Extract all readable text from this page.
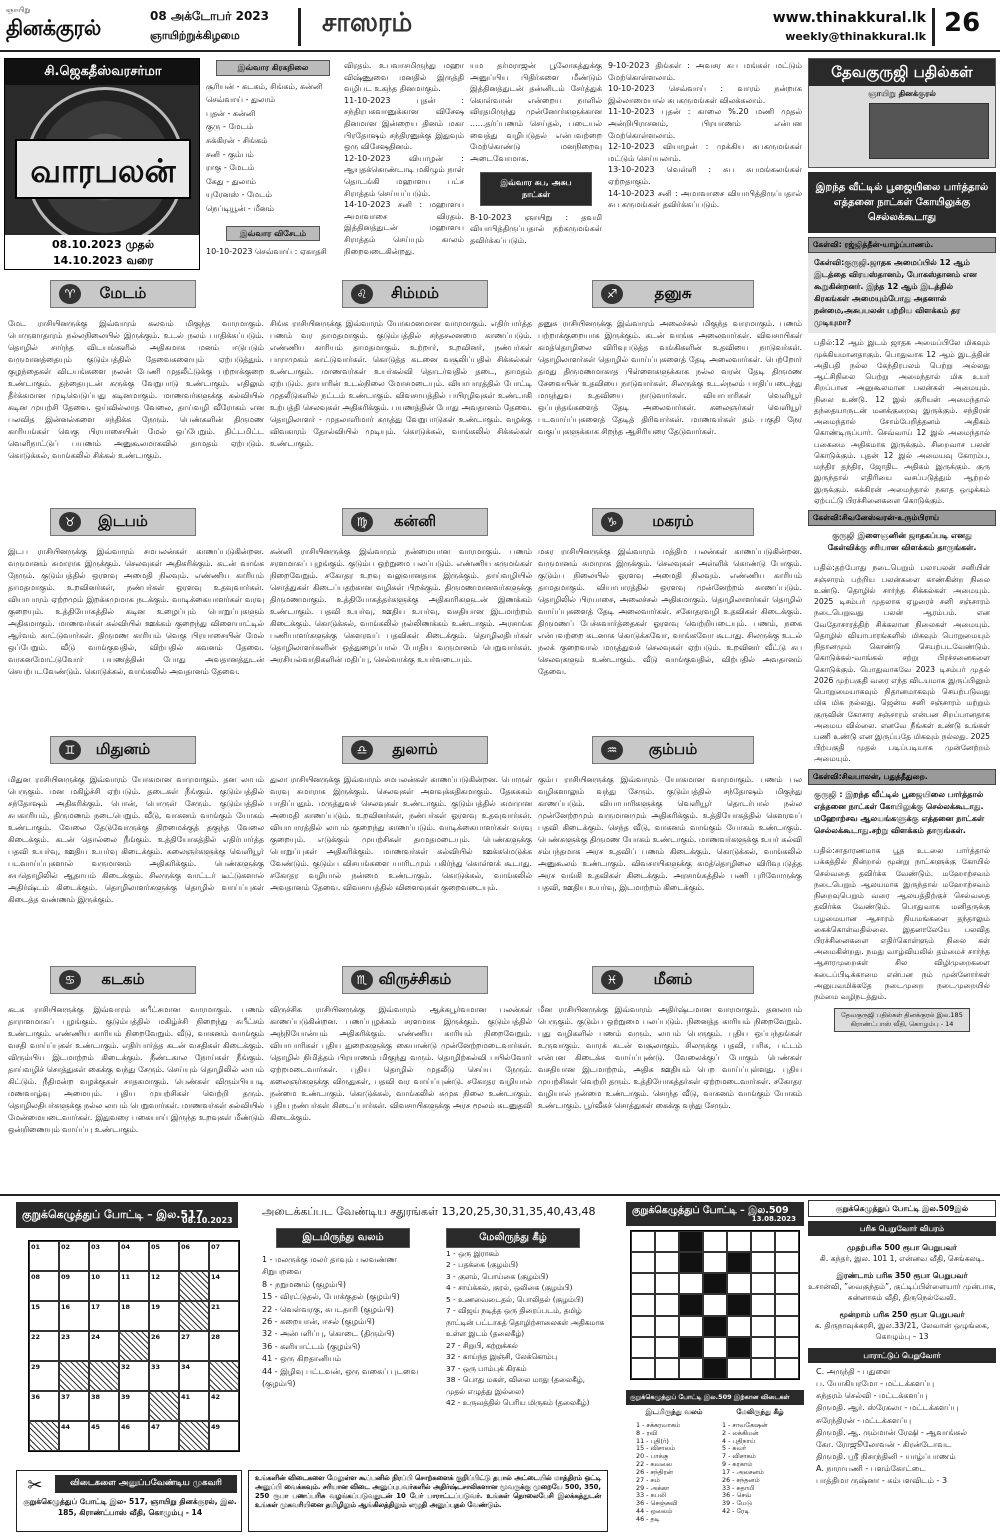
ஞாயிறு
தினக்குரல்	08 அக்டோபர் 2023
ஞாயிற்றுக்கிழமை	சாஸரம்	www.thinakkural.lk
weekly@thinakkural.lk 26
சி.ஜெகதீஸ்வரசர்மா
வாரபலன்
08.10.2023 முதல்
14.10.2023 வரை
இவ்வார கிரகநிலை
சூரியன் - கடகம், சிங்கம், கன்னி
செவ்வாய் - துலாம்
புதன் - கன்னி
குரு - மேடம்
சுக்கிரன் - சிங்கம்
சனி - கும்பம்
ராகு - மேடம்
கேது - துலாம்
யுரேனஸ் - மேடம்
நெப்டியூன் - மீனம்
இவ்வார விசேடம்
10-10-2023 செவ்வாய் : ஏகாதசி
விரதம். உபவாசமிருந்து மஹா விஷ்ணுவை மனதில் இருத்தி வழிபட உகந்த தினமாகும்.
11-10-2023 புதன் : சந்திரபகவானுக்கான விசேஷ தினமான இன்றைய தினம் மகா பிரதோஷம் சந்திரனுக்கு இதுவும் ஒரு விசேஷதினம்.
12-10-2023 வியாழன் : ஆயுதக்கொண்டாடி மகிழும் நாள் தொடங்கி மஹாளய பட்ச சிராத்தம் செய்யப்படும்.
14-10-2023 சனி : மஹாளய அமாவாசை விரதம். இத்தினத்துடன் மஹாளய சிராத்தம் செய்யும் காலம் நிறைவடைகின்றது.
யம தர்மராஜன் பூலோகத்துக்கு அனுப்பிய பிதிர்களை மீண்டும் இத்தினத்துடன் தன்னிடம் சேர்த்துக் கொள்வான் என்றைய நாளில் விரதமிருந்து முன்னோர்களுக்கான ......தர்ப்பணம் செய்தல், படையல் வைத்து வழிபடுதல் என்பவற்றை மேற்கொண்டு மனநிறைவு அடைவோமாக.
இவ்வார சுப, அசுப நாட்கள்
8-10-2023 ஞாயிறு : தவமி வியாபித்திருப்பதால் நற்கருமங்கள் தவிர்க்கப்படும்.
9-10-2023 திங்கள் : அவசர சுப மங்கள் மட்டும் மேற்கொள்ளலாம்.
10-10-2023 செவ்வாய் : வாரம் நன்றாக இல்லாமையால் சுபகருமங்கள் விலக்கலாம்.
11-10-2023 புதன் : காலை %.20 மணி முதல் அன்றிபிராசனம், பிரயாணம் என்பன மேற்கொள்ளலாம்.
12-10-2023 வியாழன் : முக்கிய சுபகருமங்கள் மட்டும் செய்யலாம்.
13-10-2023 வெள்ளி : சுப சுபமங்கலங்கள் ஏற்றதாகும்.
14-10-2023 சனி : அமாவாசை வியாபித்திருப்பதால் சுப கருமங்கள் தவிர்க்கப்படும்.
♈	மேடம்
மேட ராசியினருக்கு இவ்வாரம் கலவம் மிகுந்த வாரமாகும். பொருளாதாரம் நல்லநிலையில் இருக்கும். உடல் நலம் பாதிக்கப்படும். தொழில் சார்ந்த விடயங்களில் அதிகமாக மனம் ஈடுபடும் வருமானத்தையும் குடும்பத்தில் தேவைகளையும் ஏற்படுத்தும். குழந்தைகள் விடயங்களை நலன் பேணி முதலீட்டுக்கு பற்றாக்குறை உண்டாகும். தந்தையுடன் சுருக்கு வேறுபாடு உண்டாகும். எதிலும் தீர்க்கமான முடிவெடுப்பது கடினமாகும். மாணவர்களுக்கு கல்வியில் கடின முயற்சி தேவை. ஒய்வில்லாத வேலை, தாய்வழி வீரோகம் என பலவித இன்னல்களை சந்திக்க நேரும். பெண்களின் திருமண காரியங்கள் வெகு பிரயாசையின் மேல் ஒப்பேறும். திட்டமிட்ட வெளிநாட்டுப் பயணம் அனுகூலமாகவில் தாமதம் ஏற்படும். கொடுக்கல், வாங்கலில் சிக்கல் உண்டாகும்.
♌	சிம்மம்
சிங்க ராசியினருக்கு இவ்வாரம் யோகமனமான வாரமாகும். எதிர்பார்த்த பணம் வர தாமதமாகும். குடும்பத்தில் சந்தசலனமை காணப்படும். எண்ணிய காரியம் தாமதமாகும். உற்றார், உறவினர், நண்பர்கள் பாராமுகம் காட்டுவார்கள். கொடுத்த கடனை வசூலிப்பதில் சிக்கல்கள் உண்டாகும். மாணவர்கள் உயர்கல்வி தொடர்வதில் தடை, தாமதம் ஏற்படும். தாயாரின் உடல்நிலை மோசமடையும். வியாபாரத்தில் போட்டி முதலீடுகளில் நட்டம் உண்டாகும். விவசாயத்தில் பயிரழிவுகள் உண்டாகி உற்பத்தி செலவுகள் அதிகரிக்கும். பயணத்தின் போது அவதானம் தேவை. தொழிலாளர் - முதலாளிமார் கருத்து வேறுபாடுகள் உண்டாகும். வழக்கு விவகாரம் தோல்வியில் முடியும். கொடுக்கல், வாங்கலில் சிக்கல்கள் உண்டாகும்.
♐	தனுசு
தனுசு ராசியினருக்கு இவ்வாரம் அலைச்சல் மிகுந்த வாரமாகும். பணம் பற்றாக்குறையாக இருக்கும். கடன் வாங்க அலைவார்கள். விவசாயிகள் கமத்தொழிலை விரிவுபடுத்த வங்கிகளின் உதவியை நாடுவர்கள். தொழிலாளர்கள் தொழில் வாய்ப்புகளைத் தேடி அலைவார்கள். பெற்றோர் தமது திருமணமாகாத பிள்ளைகளுக்காக நல்ல வரன் தேடி திருமண சேவையின் உதவியை நாடுவார்கள். சிலருக்கு உடல்நலம் பாதிப்படைந்து மருந்துவ உதவியை நாடுவார்கள். வியாபாரிகள் வெளியூர் ஒப்பந்தங்களைத் தேடி அலைவார்கள். கலைஞர்கள் வெளியூர் படவாய்ப்புகளைத் தேடித் திரிவார்கள். மாணவர்கள் தம் பகுதி நேர வகுப்புகளுக்காக சிறந்த ஆசிரியரை தேடுவார்கள்.
♉	இடபம்
இடப ராசியினருக்கு இவ்வாரம் சமபலன்கள் காணப்படுகின்றன. வருமானம் சுமாராக இருக்கும். செலவுகள் அதிகரிக்கும். கடன் வாங்க நேரும். குடும்பத்தில் ஒரளவு அமைதி நிலவும். எண்ணிய காரியம் தாமதமாகும். உறவினர்கள், நண்பர்கள் ஒரளவு உதவுவார்கள். வியாபாரம் ஏற்றமும் இறக்கமுமாக நடக்கும். வாடிக்கையாளர்கள் வரவு குறையும். உத்தியோகத்தில் கடின உழைப்பும் பொறுப்புகளும் அதிகமாகும். மாணவர்கள் கல்வியில் ஊக்கம் குறைந்து விளையாட்டில் ஆர்வம் காட்டுவார்கள். திருமண காரியம் வெகு பிரயாசையின் மேல் ஒப்பேறும். வீடு வாங்குவதில், விற்பதில் கவனம் தேவை. வாகனமோட்டுவோர் பயணத்தின் போது அவதானத்துடன் செயற்படவேண்டும். கொடுக்கல், வாங்கலில் அவதானம் தேவை.
♍	கன்னி
கன்னி ராசியினருக்கு இவ்வாரம் நன்மையான வாரமாகும். பணம் சரளமாகப் புழங்கும். குடும்ப ஒற்றுமை பலப்படும். எண்ணிய கருமங்கள் நிறைவேறும். சகோதர உறவு வலுவானதாக இருக்கும். தாய்வழியில் சொத்துகள் கிடைப்பதற்கான வழிகள் பிறக்கும். திருமணமானவர்களுக்கு திருமணமாகும். உத்தியோகத்தர்களுக்கு அதிகாரிகளுடன் இணக்கம் உண்டாகும். பதவி உயர்வு, ஊதிய உயர்வு, வசதியான இடமாற்றம் கிடைக்கும். கொடுக்கல், வாங்கலில் நல்லிணக்கம் உண்டாகும். அரசாங்க பணியாளர்களுக்கு கௌரவப் பதவிகள் கிடைக்கும். தொழிலதிபர்கள் தொழிலாளர்களின் ஒத்துழைப்பால் போதிய வருமானம் பெறுவார்கள். அரசியல்வாதிகளின் மதிப்பு, செல்வாக்கு உயர்வடையும்.
♑	மகரம்
மகர ராசியினருக்கு இவ்வாரம் மத்திம பலன்கள் காணப்படுகின்றன. வருமானம் சுமாராக இருக்கும். செலவுகள் அள்ளிக் கொண்டு போகும். குடும்ப நிலையில் ஓரளவு அமைதி நிலவும். எண்ணிய காரியம் தாமதமாகும். வியாபாரத்தில் ஒரளவு முன்னேற்றம் காணப்படும். தொழிலில் பிரயாசை, அலைச்சல் அதிகமாகும். தொழிலாளர்கள் தொழில் வாய்ப்புகளைத் தேடி அலைவார்கள். சகோதரவழி உதவிகள் கிடைக்கும். திருமணப் பேச்சுவார்த்தைகள் ஓரளவு வெற்றியடையும். பணம், நகை என்பவற்றை கடனாக கொடுக்கவோ, வாங்கவோ கூடாது. சிலருக்கு உடல் நலக் குறைவால் மருத்துவச் செலவுகள் ஏற்படும். உறவினர் வீட்டு சுப செலவுகளும் உண்டாகும். வீடு வாங்குவதில், விற்பதில் அவதானம் தேவை.
♊	மிதுனம்
மிதுன ராசியினருக்கு இவ்வாரம் யோகமான வாரமாகும். தன லாபம் பெருகும். மன மகிழ்ச்சி ஏற்படும். தடைகள் நீங்கும். குடும்பத்தில் சந்தோஷம் அதிகரிக்கும். பொன், பொருள் சேரும். குடும்பத்தில் சுபகாரியம், திருமணம் நடைபெறும். வீடு, வாகனம் வாங்கும் யோகம் உண்டாகும். வேலை தேடுவோருக்கு திறமைக்குத் தகுந்த வேலை கிடைக்கும். கடன் தொல்லை நீங்கும். உத்தியோகத்தில் எதிர்பார்த்த பதவி உயர்வு, ஊதிய உயர்வு கிடைக்கும். கலைஞர்களுக்கு வெளியூர் படவாய்ப்புகளால் வருமானம் அதிகரிக்கும். பெண்களுக்கு சுயதொழிலில் ஆதாயம் கிடைக்கும். சிலருக்கு வாட்டர் டீட்டுகளால் அதிர்ஷ்டம் கிடைக்கும். தொழிலாளர்களுக்கு தொழில் வாய்ப்புகள் கிடைத்த வண்ணம் இருக்கும்.
♎	துலாம்
துலா ராசியினருக்கு இவ்வாரம் சமபலன்கள் காணப்படுகின்றன. பொருள் வரவு சுமாராக இருக்கும். செலவுகள் அளவுக்கதிகமாகும். தேகசுகம் பாதிப்பதும். மருத்துவச் செலவுகள் உண்டாகும். குடும்பத்தில் சுமாரான அமைதி காணப்படும். உறவினர்கள், நண்பர்கள் ஓரளவு உதவுவார்கள். வியாபாரத்தில் லாபம் குறைந்து காணப்படும். வாடிக்கையாளர்கள் வரவு குறையும். எடுக்கும் முயற்சிகள் தாமதமடையும். பெண்களுக்கு பொறுப்புகள் அதிகரிக்கும். மாணவர்கள் கல்வியில் ஊக்கமெடுக்க வேண்டும். குடும்ப விசயங்களை யாரிடமும் பகிர்ந்து கொள்ளக் கூடாது. சகோதர வழியால் நன்மை உண்டாகும். கொடுக்கல், வாங்கலில் அவதானம் தேவை. விவசாயத்தில் விளைவுகள் குறைவடையும்.
♒	கும்பம்
கும்ப ராசியினருக்கு இவ்வாரம் யோகமான வாரமாகும். பணம் பல வழிகளாலும் வந்து சேரும். குடும்பத்தில் சந்தோஷம் மிகுந்து காணப்படும். வியாபாரிகளுக்கு வெளியூர் தொடர்பால் நல்ல முன்னேற்றமும் வருமானமும் அதிகரிக்கும். உத்தியோகத்தில் கௌரவப் பதவி கிடைக்கும். செந்த வீடு, வாகனம் வாங்கும் யோகம் உண்டாகும். பெண்களுக்கு திருமண யோகம் உண்டாகும். மாணவர்களுக்கு உயர் கல்வி சம்பந்தமாக அரச உதவிப் பணம் கிடைக்கும். கொடுக்கல், வாங்கலில் அனுகூலம் உண்டாகும். விவசாயிகளுக்கு கமத்தொழிலை விரிவுபடுத்த அரச வங்கி உதவிகள் கிடைக்கும். அரசாங்கத்தில் பணி புரிவோருக்கு பதவி, ஊதிய உயர்வு, இடமாற்றம் கிடைக்கும்.
♋	கடகம்
கடக ராசியினருக்கு இவ்வாரம் சுபீட்சமான வாரமாகும். பணம் தாராளமாகப் புழங்கும். குடும்பத்தில் மகிழ்ச்சி நிறைந்து சுபீட்சம் உண்டாகும். எண்ணிய காரியம் நிறைவேறும். வீடு, வாகனம் வாங்கும் வசதி வாய்ப்புகள் உண்டாகும். எதிர்பார்த்த கடன் வசதிகள் கிடைக்கும். விரும்பிய இடமாற்றம் கிடைக்கும். நீண்டகால நோய்கள் நீங்கும். தாய்வழிச் சொத்துகள் கைக்கு வந்து சேரும். செய்யும் தொழிலில் லாபம் கிட்டும். நீதிமன்ற வழக்குகள் சாதகமாகும். பெண்கள் விரும்பியபடி மணவாழ்வு அமையும். புதிய முயற்சிகள் வெற்றி தரும். தொழிலதிபர்களுக்கு நல்ல லாபம் பெறுவார்கள். மாணவர்கள் கல்வியில் மேன்மையடைவார்கள். இதுவரை பகையாய் இருந்த உறவுகள் மீண்டும் ஒன்றிணையும் வாய்ப்பு உண்டாகும்.
♏ விருச்சிகம்
விருச்சிக ராசியினருக்கு இவ்வாரம் ஆக்கபூர்வமான பலன்கள் காணப்படுகின்றன. பணப்புழக்கம் சரளமாக இருக்கும். குடும்பத்தில் அந்நியோன்யம் அதிகரிக்கும். எண்ணிய காரியம் நிறைவேறும். வியாபாரிகள் புதிய துறைகளுக்கு கையாண்டு முன்னேற்றமடைவார்கள். தொழில் நிமித்தம் பிரயாணம் மிகுந்து வரும். தொழிற்கல்வி பயில்வோர் ஏற்றமடைவார்கள். புதிய தொழில் முதலீடு செய்ய நேரும். கலைஞர்களுக்கு விருதுகள், பதவி வர வாய்ப்புண்டு. சகோதர வழியால் நன்மை உண்டாகும். கொடுக்கல், வாங்கலில் சுமுக நிலை உண்டாகும். புதிய நண்பர்கள் கிடைப்பார்கள். விவசாயிகளுக்கு அரச மூலம் கடனுதவி கிடைக்கும்.
♓	மீனம்
மீன ராசியினருக்கு இவ்வாரம் அதிர்ஷ்டமான வாரமாகும். தனலாபம் பெருகும். குடும்ப ஒற்றுமை பலப்படும். நினைத்த காரியம் நிறைவேறும். புது வழிகளில் பணம் வரும். லாபம் பெருகும். புதிய ஒப்பந்தங்கள் உருவாகும். வாரக் கடன் வசூலாகும். சிலருக்கு பதவி, பரிசு, பட்டம் என்பன கிடைக்க வாய்ப்புண்டு. வேலைக்குப் போகும் பெண்கள் வசதியான இடமாற்றம், அதிக ஊதியம் பெற வாய்ப்புள்ளது. புதிய முயற்சிகள் வெற்றி தரும். உத்தியோகத்தர்கள் ஏற்றமடைவார்கள். சகோதர வழியால் நன்மை உண்டாகும். சொந்த வீடு, வாகனம் வாங்கும் யோகம் உண்டாகும். பூர்வீகச் சொத்துகள் கைக்கு வந்து சேரும்.
தேவகுருஜி பதில்கள்
ஞாயிறு தினக்குரல்
இறந்த வீட்டில் பூஜையிலை பார்த்தால் எத்தனை நாட்கள் கோயிலுக்கு செல்லக்கூடாது
கேள்வி: ரஜ்ஜித்தீன்-யாழ்ப்பாணம்.
கேள்வி:குருஜி.ஜாதக அமைப்பில் 12 ஆம் இடத்தை விரயஸ்தானம், போகஸ்தானம் என கூறுகின்றனர். இந்த 12 ஆம் இடத்தில் கிரகங்கள் அமையும்போது அதனால் நன்மை,அசுபபலன் பற்றிய விளக்கம் தர முடியுமா?
பதில்:12 ஆம் இடம் ஜாதக அமைப்பிலே மிகவும் முக்கியமானதாகும். பொதுவாக 12 ஆம் இடத்தின் அதிபதி நல்ல கேந்திரபலம் பெற்று அல்லது ஆட்சிநிலை பெற்று அமைந்தால் மிக உயர் சிறப்பான அனுகூலமான பலன்கள் அமையும். நிலை உண்டு. 12 இல் குரியன் அமைந்தால் தந்தையாருடன் மனக்குறைவு இருக்கும். சந்திரன் அமைந்தால் சோம்பேறித்தனம் அதிகம் கொண்டிருப்பார். செவ்வாய் 12 இல் அமைந்தால் பகைமை அதிகமாக இருக்கும். சிறைவாச பலன் கொடுக்கும். புதன் 12 இல் அமையவு கோரம்ப, மந்திர தந்திர, ஜோதிட அதிகம் இருக்கும். குரு இருந்தால் எதிரியை வசப்படுத்தும் ஆற்றல் இருக்கும். சுக்கிரன் அமைந்தால் நகாத ஒழுக்கம் ஏற்பட்டு பிரச்சினைகளை கொடுக்கும்.
கேள்வி:சிவனேஸ்வரன்-உரும்பிராய்
குருஜி இளைஞனின் ஜாதகப்படி எனது கேள்விக்கு சரியான விளக்கம் தாருங்கள்.
பதில்:தற்போது நடைபெறும் பலாபலன் சனியின் சஞ்சாரம் பற்றிய பலன்களை காண்கின்ற நிலை உண்டு. தொழில் சார்ந்த சிக்கல்கள் அமையும். 2025 டிசம்பர் முதலாக ஏழரைச் சனி சஞ்சாரம் நடைபெறுவது பலன் ஆரம்பம். என வேதோசாரத்திற் சிக்கலான நிலைகள் அமையும். தொழில் வியாபாரங்களில் மிகவும் பொறுமையும் நிதானமும் கொண்டு செயற்படவேண்டும். கொடுக்கல்-வாங்கல் சற்று பிரச்சனைகளை கொடுக்கும். பொதுவாகவே 2023 டிசம்பர் முதல் 2026 முற்பகுதி வரை எந்த விடயமாக இருப்பினும் பொறுமையாகவும் நிதானமாகவும் செயற்படுவது மிக மிக நல்லது. ஜென்ம சனி சஞ்சாரம் மற்றும் குருவின் கோசார சஞ்சாரம் என்பன சிறப்பானதாக அமைய வில்லை. எனவே நீங்கள் உண்டு உங்கள் பணி உண்டு என இருப்பதே மிகவும் நல்லது. 2025 பிற்பகுதி முதல் படிப்படியாக முன்னேற்றம் அமையும்.
கேள்வி:சிவபாலன், பதுத்தீதுறை.
குருஜி : இறந்த வீட்டில் பூஜையிலை பார்த்தால் எத்தனை நாட்கள் கோயிலுக்கு செல்லக்கூடாது. மஹோற்சவ ஆலயங்களுக்கு எத்தனை நாட்கள் செல்லக்கூடாது.சற்று விளக்கம் தாருங்கள்.
பதில்:சாதாரணமாக பூத உடலை பார்த்தால் பக்கத்தில் நின்றால் மூன்று நாட்களுக்கு கோயில் செல்வதை தவிர்க்க வேண்டும். மஹோற்சவம் நடைபெறும் ஆலயமாக இருந்தால் மஹோற்சவம் நிறைவுபெறும் வரை ஆலயத்திற்குச் செல்வதை தவிர்க்க வேண்டும். பொதுவாக மனிதருக்கு பழமையான ஆசாரம் நியமங்களை தந்தாலும் கைக்கொள்வதில்லை. இதனாலேயே பலவித பிரச்சினைகளை எதிர்கொள்ளும் நிலை கள் அமைகின்றது. நமது வாழ்வியலில் தம்மைச் சார்ந்த ஆசாரமுறைகள் சில விழிமுறைகளை கடைப்பிடிக்காமை என்பன நம் முன்னோர்கள் அனுபவமிக்கதே நடைமுறை நடைமுறையில் நம்மை வழிநடத்தும்.
தேவகுருஜி பதில்கள் தினக்குரல் இல.185 கிராண்ட்பாஸ் வீதி, கொழும்பு - 14
குறுக்கெழுத்துப் போட்டி – இல.517
08.10.2023
01	02	03	04	05	06	07
08	09	10	11	12	14
15	16	17	18	19	21
22	23	24	26	27	28
29	32	33	34
36	37	38	39	41	42
44	45	46	47	49
அடைக்கப்பட வேண்டிய சதுரங்கள் 13,20,25,30,31,35,40,43,48
இடமிருந்து வலம்	மேலிருந்து கீழ்
1 - மலருக்கு மலர் தாவும் பலவண்ண சிறுபறவை
8 - நறுமணம் (குழம்பி)
15 - விரட்டுதல், போக்குதல் (குழம்பி)
22 - வெள்வரகு, சுபடதாரி (குழம்பி)
26 - கறையான், ஈசல் (குழம்பி)
32 - அன்பளிப்பு, கொடை (திரும்பி)
36 - களியாட்டம் (குழம்பி)
41 - ஒரு கிறதானியம்
44 - இழிவு பட்டவன், ஒரு வகைப் புடவை (குழம்பி)
1 - ஒரு இராகம்
2 - பதக்கை (குழம்பி)
3 - குளம், பொய்கை (குழம்பி)
4 - சாய்க்கல், குரல், ஒலிகை (குழம்பி)
5 - உணவைடைதல், பொலிதல் (குழம்பி)
7 - விஜய் நடித்த ஒரு திரைப்படம், தமிழ் நாட்டின் பட்டாசுத் தொழிற்சாலைகள் அதிகமாக உள்ள இடம் (தலைகீழ்)
27 - சிறுபி, கற்றுக்கல்
32 - காய்ந்த இஞ்சி, லேக்கொம்பு
37 - ஒரு பாம்புக் கிரகம்
38 - பொது மகள், விலை மாது (தலைகீழ், முதல் எழுத்து இல்லை)
42 - உருவத்தில் பெரிய மிருகம் (தலைகீழ்)
குறுக்கெழுத்துப் போட்டி – இல.509
13.08.2023
குறுக்கெழுத்துப் போட்டி இல.509 இற்கான விடைகள்
இடமிருந்து வலம்	மேலிருந்து கீழ்
1 - சக்கரவாகம்
8 - ரவி
11 - புதி(ர்)
15 - விசாலம்
20 - பாக்கு
22 - கவலை
26 - சந்திரன்
27 - கம்
29 - அக்கா
33 - கபலி
36 - செஞ்சுவி
44 - ஒலைம்
46 - தடி
1 - சாவகேஷன்
2 - லக்கிமன்
4 - புதிநாய்
5 - சுவர்
7 - விசாகம்
9 - கரகாம்
17 - அலசனம்
26 - சந்தனம்
33 - சுதாமி
36 - செவ்
39 - மேடு
42 - ரேடி
குறுக்கெழுத்துப் போட்டி இல.509இல்
பரிசு பெறுவோர் விபரம்
முதற்பரிசு 500 ரூபா பெறுபவர்
கி. கந்தர், இல. 101 1, என்னவ வீதி, செங்கலடி.
இரண்டாம் பரிசு 350 ரூபா பெறுபவர்
உசான்வி, ”வைகுந்தம்”, குட்டிப்பிள்ளையார் முன்பாக, சுன்னாகம் வீதி, திருநெல்வேலி.
மூன்றாம் பரிசு 250 ரூபா பெறுபவர்
க. திருநாவுக்கரசி, இல.33/21, லேவான் ஒழுங்கை, கொழும்பு – 13
பாராட்டுப் பெறுவோர்
C. அருந்தி - பதுளை
ப. யோகியரமோ - மட்டக்களப்பு
சுந்தரம் செல்வி - மட்டக்களப்பு
திருமதி. ஆர். ஸ்ரேகலா - மட்டக்களப்பு
சுரேந்திரன் - மட்டக்களப்பு
திருமதி. ஆ. ரும்மான் ரேஷி - ஆவாங்கல்
கோ. ரோஜூலோவன் - கிரன்டோவட
திருமதி. ஸ்ரீ நிசாந்தினி - யாழ்ப்பாணம்
A. நாராயணி - பளம்கோட்டை
பாத்திமா ருஷ்னா - கம்பளவிடம் - 3
✂	விடைகளை அனுப்பவேண்டிய முகவரி
குறுக்கெழுத்துப் போட்டி இல- 517, ஞாயிறு தினக்குரல், இல. 185, கிராண்ட்பாஸ் வீதி, கொழும்பு - 14
உங்களின் விடைகளை மேலுள்ள கூப்பனில் நிரப்பி சொற்களைக் குறிப்பிட்டு தபால் அட்டையில் மாத்திரம் ஒட்டி அனுப்பி வைக்கவும். சரியான விடை அனுப்புபவர்களில் அதிர்ஷ்டசாலிகளான மூவருக்கு முறையே 500, 350, 250 ரூபா பணப்பரிசு வழங்கப்படுவதுடன் 10 பேர் பாராட்டப்படுவர். உங்கள் தொலைபேசி இலக்கத்துடன் உங்கள் முகவரியினை தமிழிலும் ஆங்கிலத்திலும் எழுதி அனுப்புதல் வேண்டும்.
